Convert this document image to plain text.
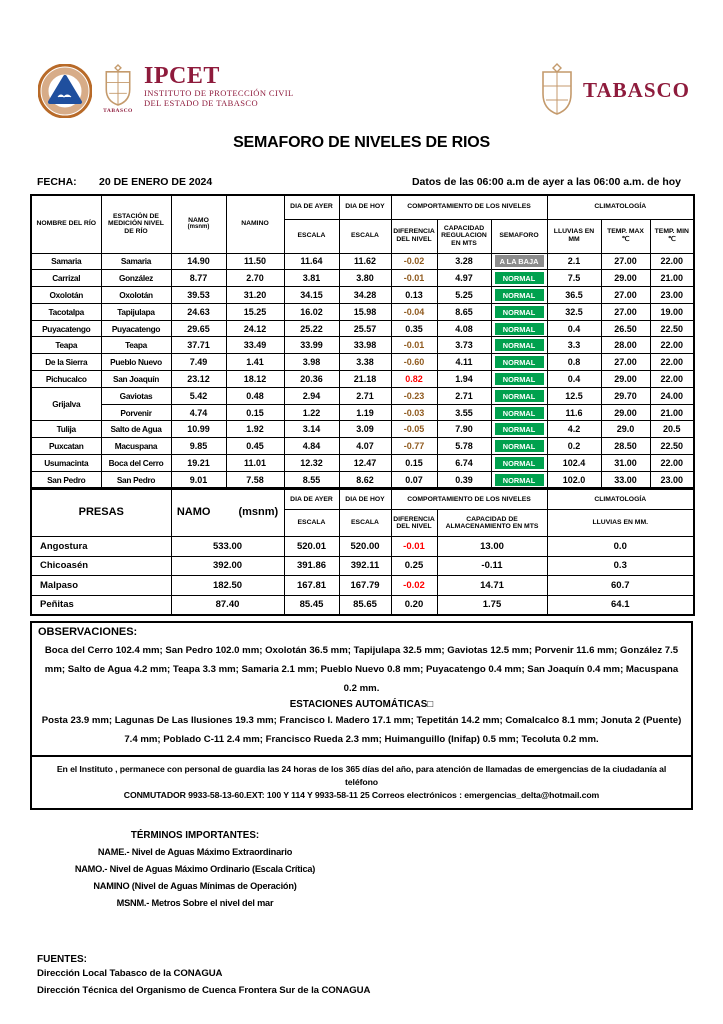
TABASCO
IPCET
INSTITUTO DE PROTECCIÓN CIVIL
DEL ESTADO DE TABASCO
TABASCO
SEMAFORO DE NIVELES DE RIOS
FECHA:	20 DE ENERO DE 2024	Datos de las 06:00 a.m de ayer a las 06:00 a.m. de hoy
NOMBRE DEL RÍO	ESTACIÓN DE MEDICIÓN NIVEL DE RÍO	NAMO
(msnm)	NAMINO	DIA DE AYER	DIA DE HOY	COMPORTAMIENTO DE LOS NIVELES			CLIMATOLOGÍA		
				ESCALA	ESCALA	DIFERENCIA DEL NIVEL	CAPACIDAD REGULACION EN MTS	SEMAFORO	LLUVIAS EN MM	TEMP. MAX ℃	TEMP. MIN ℃
Samaria	Samaria	14.90	11.50	11.64	11.62	-0.02	3.28	A LA BAJA	2.1	27.00	22.00
Carrizal	González	8.77	2.70	3.81	3.80	-0.01	4.97	NORMAL	7.5	29.00	21.00
Oxolotán	Oxolotán	39.53	31.20	34.15	34.28	0.13	5.25	NORMAL	36.5	27.00	23.00
Tacotalpa	Tapijulapa	24.63	15.25	16.02	15.98	-0.04	8.65	NORMAL	32.5	27.00	19.00
Puyacatengo	Puyacatengo	29.65	24.12	25.22	25.57	0.35	4.08	NORMAL	0.4	26.50	22.50
Teapa	Teapa	37.71	33.49	33.99	33.98	-0.01	3.73	NORMAL	3.3	28.00	22.00
De la Sierra	Pueblo Nuevo	7.49	1.41	3.98	3.38	-0.60	4.11	NORMAL	0.8	27.00	22.00
Pichucalco	San Joaquín	23.12	18.12	20.36	21.18	0.82	1.94	NORMAL	0.4	29.00	22.00
Grijalva	Gaviotas	5.42	0.48	2.94	2.71	-0.23	2.71	NORMAL	12.5	29.70	24.00
	Porvenir	4.74	0.15	1.22	1.19	-0.03	3.55	NORMAL	11.6	29.00	21.00
Tulija	Salto de Agua	10.99	1.92	3.14	3.09	-0.05	7.90	NORMAL	4.2	29.0	20.5
Puxcatan	Macuspana	9.85	0.45	4.84	4.07	-0.77	5.78	NORMAL	0.2	28.50	22.50
Usumacinta	Boca del Cerro	19.21	11.01	12.32	12.47	0.15	6.74	NORMAL	102.4	31.00	22.00
San Pedro	San Pedro	9.01	7.58	8.55	8.62	0.07	0.39	NORMAL	102.0	33.00	23.00
PRESAS	NAMO (msnm)	DIA DE AYER	DIA DE HOY	COMPORTAMIENTO DE LOS NIVELES		CLIMATOLOGÍA
		ESCALA	ESCALA	DIFERENCIA DEL NIVEL	CAPACIDAD DE ALMACENAMIENTO EN MTS	LLUVIAS EN MM.
Angostura	533.00	520.01	520.00	-0.01	13.00	0.0
Chicoasén	392.00	391.86	392.11	0.25	-0.11	0.3
Malpaso	182.50	167.81	167.79	-0.02	14.71	60.7
Peñitas	87.40	85.45	85.65	0.20	1.75	64.1
OBSERVACIONES:
Boca del Cerro 102.4 mm; San Pedro 102.0 mm; Oxolotán 36.5 mm; Tapijulapa 32.5 mm; Gaviotas 12.5 mm; Porvenir 11.6 mm; González 7.5 mm; Salto de Agua 4.2 mm; Teapa 3.3 mm; Samaria 2.1 mm; Pueblo Nuevo 0.8 mm; Puyacatengo 0.4 mm; San Joaquín 0.4 mm; Macuspana 0.2 mm.
ESTACIONES AUTOMÁTICAS□
Posta 23.9 mm; Lagunas De Las Ilusiones 19.3 mm; Francisco I. Madero 17.1 mm; Tepetitán 14.2 mm; Comalcalco 8.1 mm; Jonuta 2 (Puente) 7.4 mm; Poblado C-11 2.4 mm; Francisco Rueda 2.3 mm; Huimanguillo (Inifap) 0.5 mm; Tecoluta 0.2 mm.
En el Instituto , permanece con personal de guardia las 24 horas de los 365 días del año, para atención de llamadas de emergencias de la ciudadanía al teléfono
CONMUTADOR 9933-58-13-60.EXT: 100 Y 114 Y 9933-58-11 25 Correos electrónicos : emergencias_delta@hotmail.com
TÉRMINOS IMPORTANTES:
NAME.- Nivel de Aguas Máximo Extraordinario
NAMO.- Nivel de Aguas Máximo Ordinario (Escala Crítica)
NAMINO (Nivel de Aguas Mínimas de Operación)
MSNM.- Metros Sobre el nivel del mar
FUENTES:
Dirección Local Tabasco de la CONAGUA
Dirección Técnica del Organismo de Cuenca Frontera Sur de la CONAGUA
